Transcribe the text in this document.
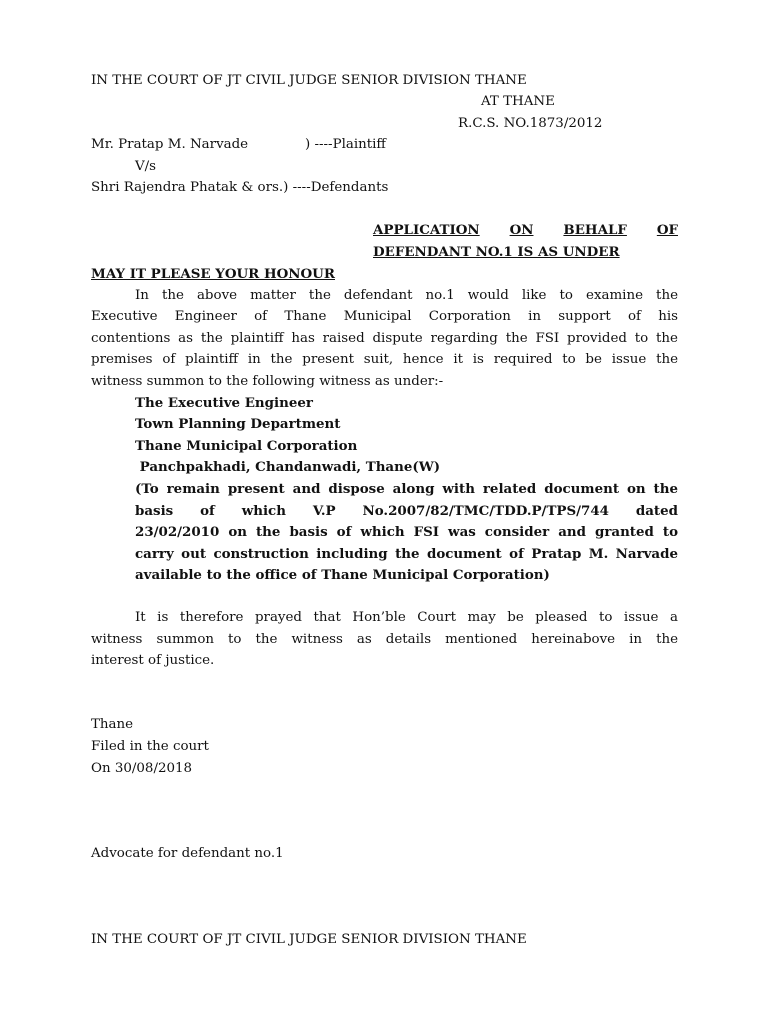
IN THE COURT OF JT CIVIL JUDGE SENIOR DIVISION THANE
AT THANE
R.C.S. NO.1873/2012
Mr. Pratap M. Narvade	) ----Plaintiff
V/s
Shri Rajendra Phatak & ors.) ----Defendants
APPLICATION ON BEHALF OF
DEFENDANT NO.1 IS AS UNDER
MAY IT PLEASE YOUR HONOUR
In the above matter the defendant no.1 would like to examine the
Executive Engineer of Thane Municipal Corporation in support of his
contentions as the plaintiff has raised dispute regarding the FSI provided to the
premises of plaintiff in the present suit, hence it is required to be issue the
witness summon to the following witness as under:-
The Executive Engineer
Town Planning Department
Thane Municipal Corporation
Panchpakhadi, Chandanwadi, Thane(W)
(To remain present and dispose along with related document on the
basis of which V.P No.2007/82/TMC/TDD.P/TPS/744 dated
23/02/2010 on the basis of which FSI was consider and granted to
carry out construction including the document of Pratap M. Narvade
available to the office of Thane Municipal Corporation)
It is therefore prayed that Hon’ble Court may be pleased to issue a
witness summon to the witness as details mentioned hereinabove in the
interest of justice.
Thane
Filed in the court
On 30/08/2018
Advocate for defendant no.1
IN THE COURT OF JT CIVIL JUDGE SENIOR DIVISION THANE
